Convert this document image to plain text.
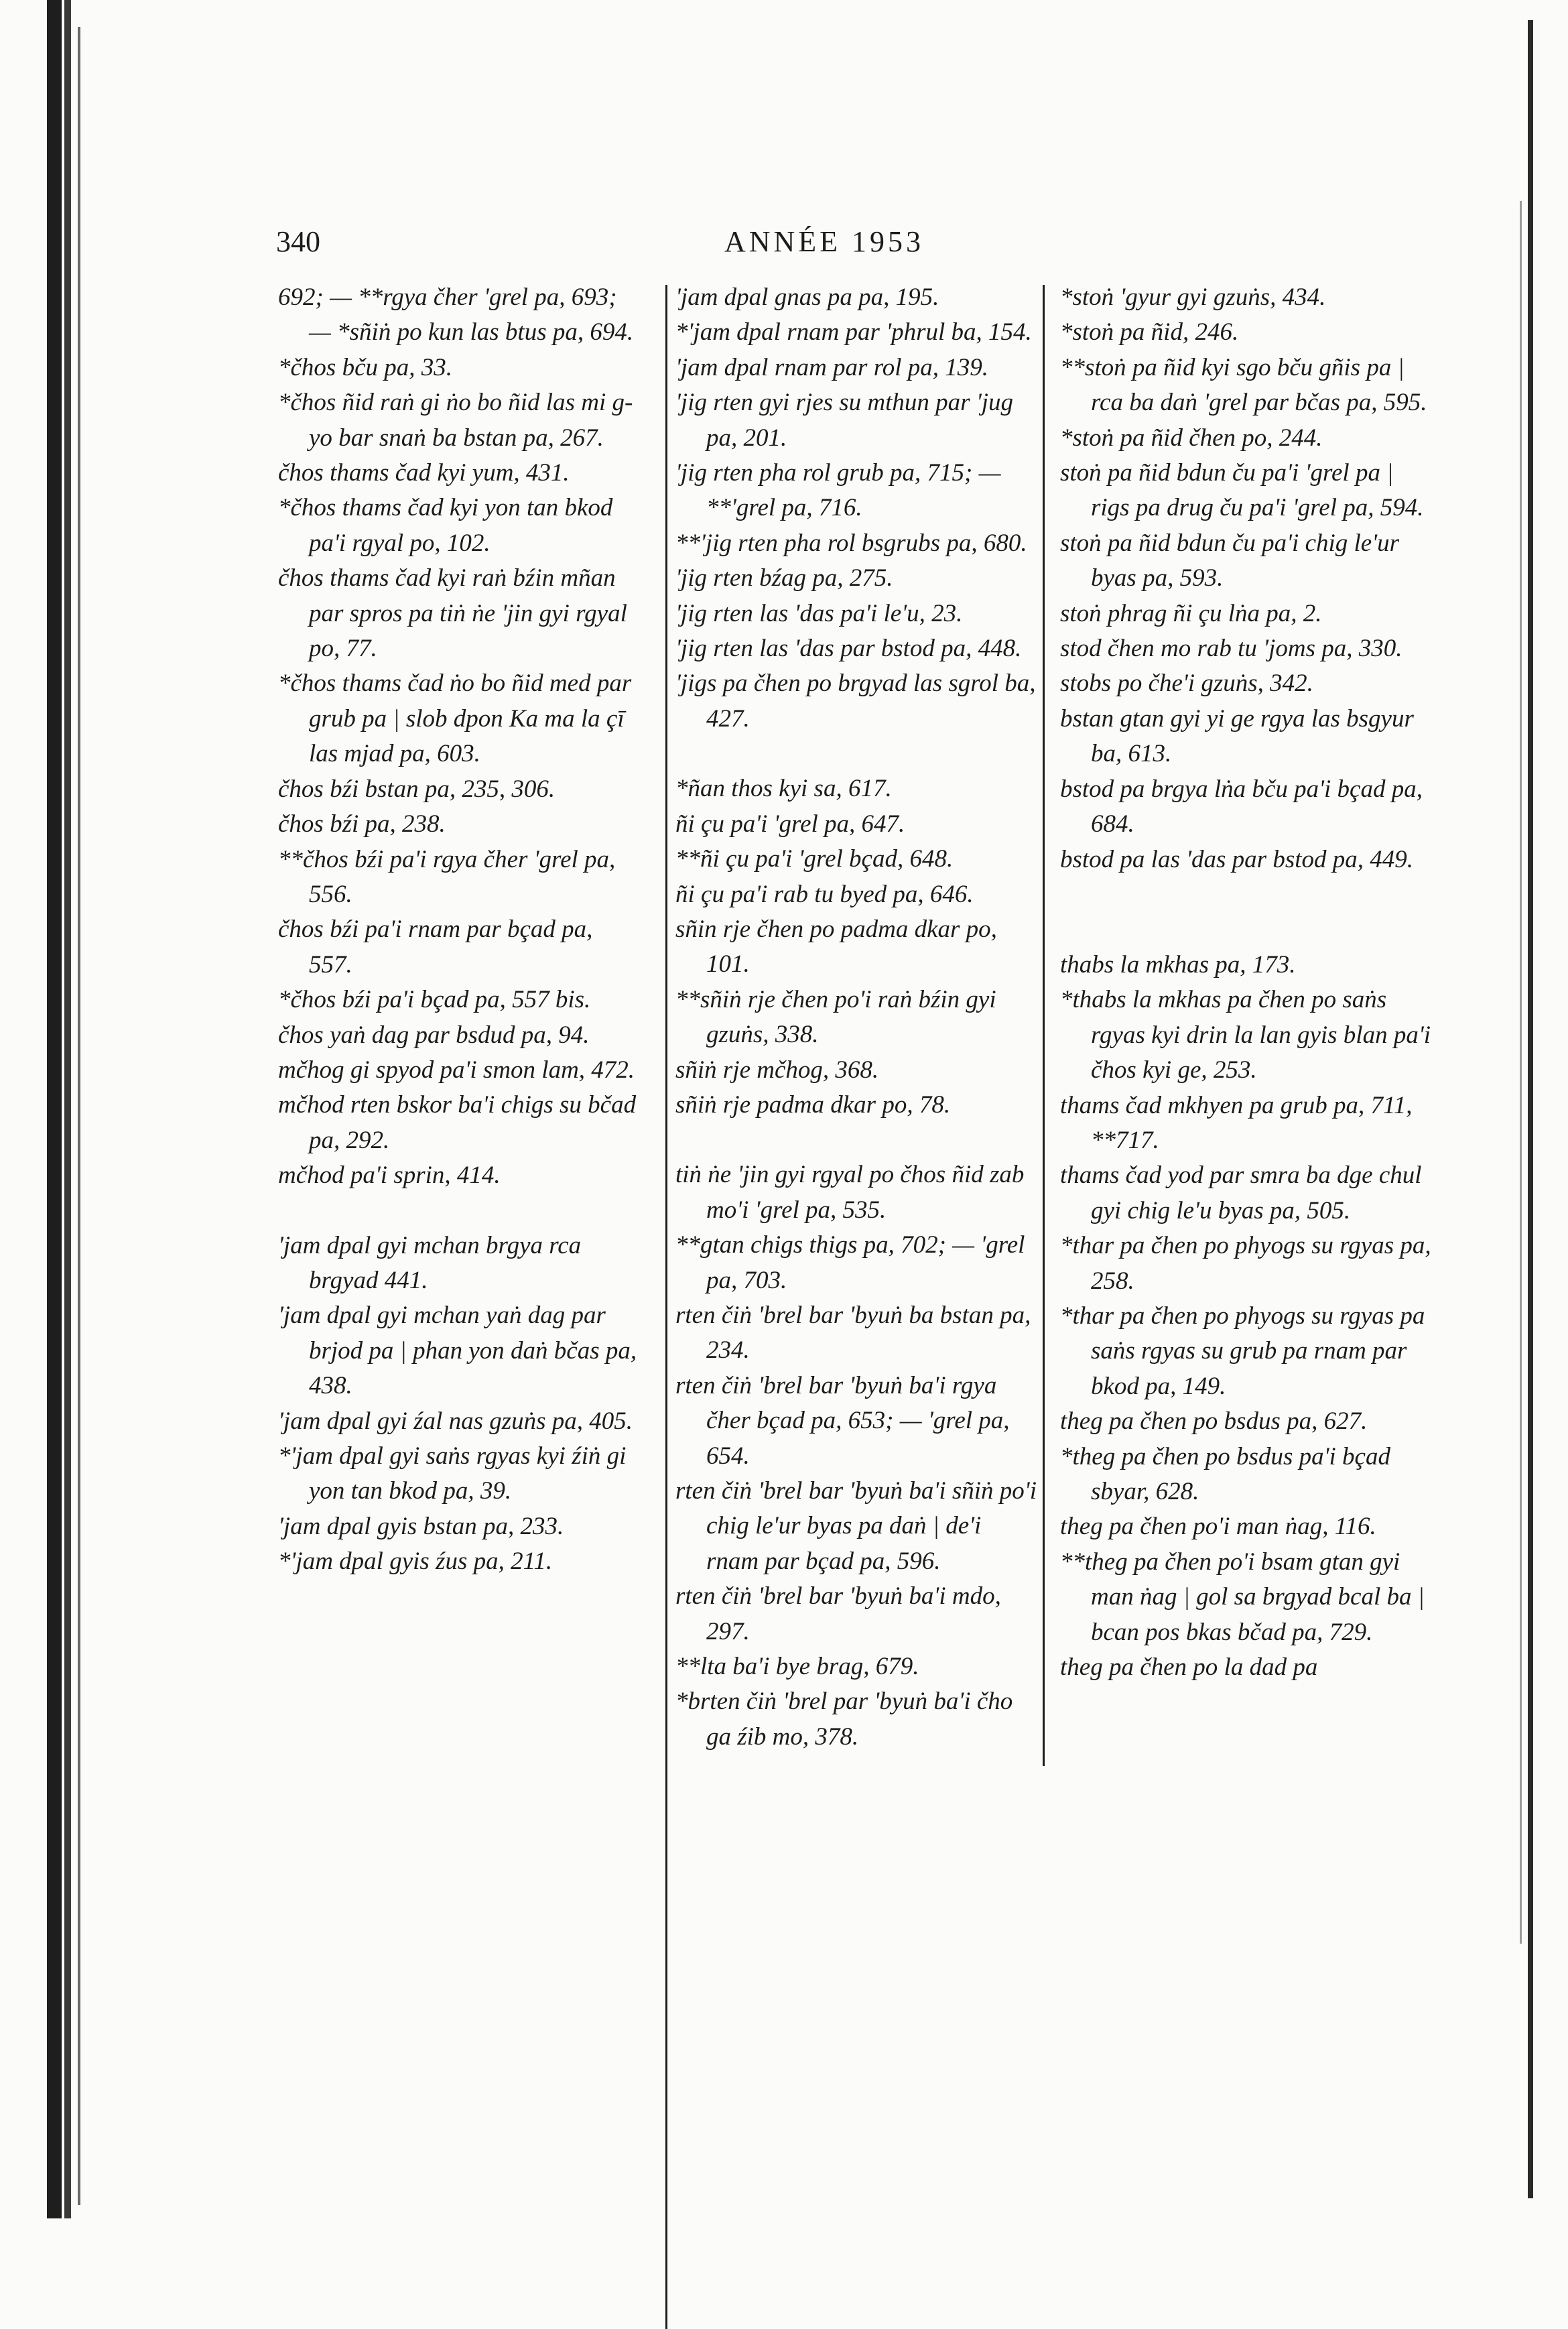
340	ANNÉE 1953
692; — **rgya čher 'grel pa, 693; — *sñiṅ po kun las btus pa, 694.
*čhos bču pa, 33.
*čhos ñid raṅ gi ṅo bo ñid las mi g-yo bar snaṅ ba bstan pa, 267.
čhos thams čad kyi yum, 431.
*čhos thams čad kyi yon tan bkod pa'i rgyal po, 102.
čhos thams čad kyi raṅ bźin mñan par spros pa tiṅ ṅe 'jin gyi rgyal po, 77.
*čhos thams čad ṅo bo ñid med par grub pa | slob dpon Ka ma la çī las mjad pa, 603.
čhos bźi bstan pa, 235, 306.
čhos bźi pa, 238.
**čhos bźi pa'i rgya čher 'grel pa, 556.
čhos bźi pa'i rnam par bçad pa, 557.
*čhos bźi pa'i bçad pa, 557 bis.
čhos yaṅ dag par bsdud pa, 94.
mčhog gi spyod pa'i smon lam, 472.
mčhod rten bskor ba'i chigs su bčad pa, 292.
mčhod pa'i sprin, 414.
'jam dpal gyi mchan brgya rca brgyad 441.
'jam dpal gyi mchan yaṅ dag par brjod pa | phan yon daṅ bčas pa, 438.
'jam dpal gyi źal nas gzuṅs pa, 405.
*'jam dpal gyi saṅs rgyas kyi źiṅ gi yon tan bkod pa, 39.
'jam dpal gyis bstan pa, 233.
*'jam dpal gyis źus pa, 211.
'jam dpal gnas pa pa, 195.
*'jam dpal rnam par 'phrul ba, 154.
'jam dpal rnam par rol pa, 139.
'jig rten gyi rjes su mthun par 'jug pa, 201.
'jig rten pha rol grub pa, 715; — **'grel pa, 716.
**'jig rten pha rol bsgrubs pa, 680.
'jig rten bźag pa, 275.
'jig rten las 'das pa'i le'u, 23.
'jig rten las 'das par bstod pa, 448.
'jigs pa čhen po brgyad las sgrol ba, 427.
*ñan thos kyi sa, 617.
ñi çu pa'i 'grel pa, 647.
**ñi çu pa'i 'grel bçad, 648.
ñi çu pa'i rab tu byed pa, 646.
sñin rje čhen po padma dkar po, 101.
**sñiṅ rje čhen po'i raṅ bźin gyi gzuṅs, 338.
sñiṅ rje mčhog, 368.
sñiṅ rje padma dkar po, 78.
tiṅ ṅe 'jin gyi rgyal po čhos ñid zab mo'i 'grel pa, 535.
**gtan chigs thigs pa, 702; — 'grel pa, 703.
rten čiṅ 'brel bar 'byuṅ ba bstan pa, 234.
rten čiṅ 'brel bar 'byuṅ ba'i rgya čher bçad pa, 653; — 'grel pa, 654.
rten čiṅ 'brel bar 'byuṅ ba'i sñiṅ po'i chig le'ur byas pa daṅ | de'i rnam par bçad pa, 596.
rten čiṅ 'brel bar 'byuṅ ba'i mdo, 297.
**lta ba'i bye brag, 679.
*brten čiṅ 'brel par 'byuṅ ba'i čho ga źib mo, 378.
*stoṅ 'gyur gyi gzuṅs, 434.
*stoṅ pa ñid, 246.
**stoṅ pa ñid kyi sgo bču gñis pa | rca ba daṅ 'grel par bčas pa, 595.
*stoṅ pa ñid čhen po, 244.
stoṅ pa ñid bdun ču pa'i 'grel pa | rigs pa drug ču pa'i 'grel pa, 594.
stoṅ pa ñid bdun ču pa'i chig le'ur byas pa, 593.
stoṅ phrag ñi çu lṅa pa, 2.
stod čhen mo rab tu 'joms pa, 330.
stobs po čhe'i gzuṅs, 342.
bstan gtan gyi yi ge rgya las bsgyur ba, 613.
bstod pa brgya lṅa bču pa'i bçad pa, 684.
bstod pa las 'das par bstod pa, 449.
thabs la mkhas pa, 173.
*thabs la mkhas pa čhen po saṅs rgyas kyi drin la lan gyis blan pa'i čhos kyi ge, 253.
thams čad mkhyen pa grub pa, 711, **717.
thams čad yod par smra ba dge chul gyi chig le'u byas pa, 505.
*thar pa čhen po phyogs su rgyas pa, 258.
*thar pa čhen po phyogs su rgyas pa saṅs rgyas su grub pa rnam par bkod pa, 149.
theg pa čhen po bsdus pa, 627.
*theg pa čhen po bsdus pa'i bçad sbyar, 628.
theg pa čhen po'i man ṅag, 116.
**theg pa čhen po'i bsam gtan gyi man ṅag | gol sa brgyad bcal ba | bcan pos bkas bčad pa, 729.
theg pa čhen po la dad pa
